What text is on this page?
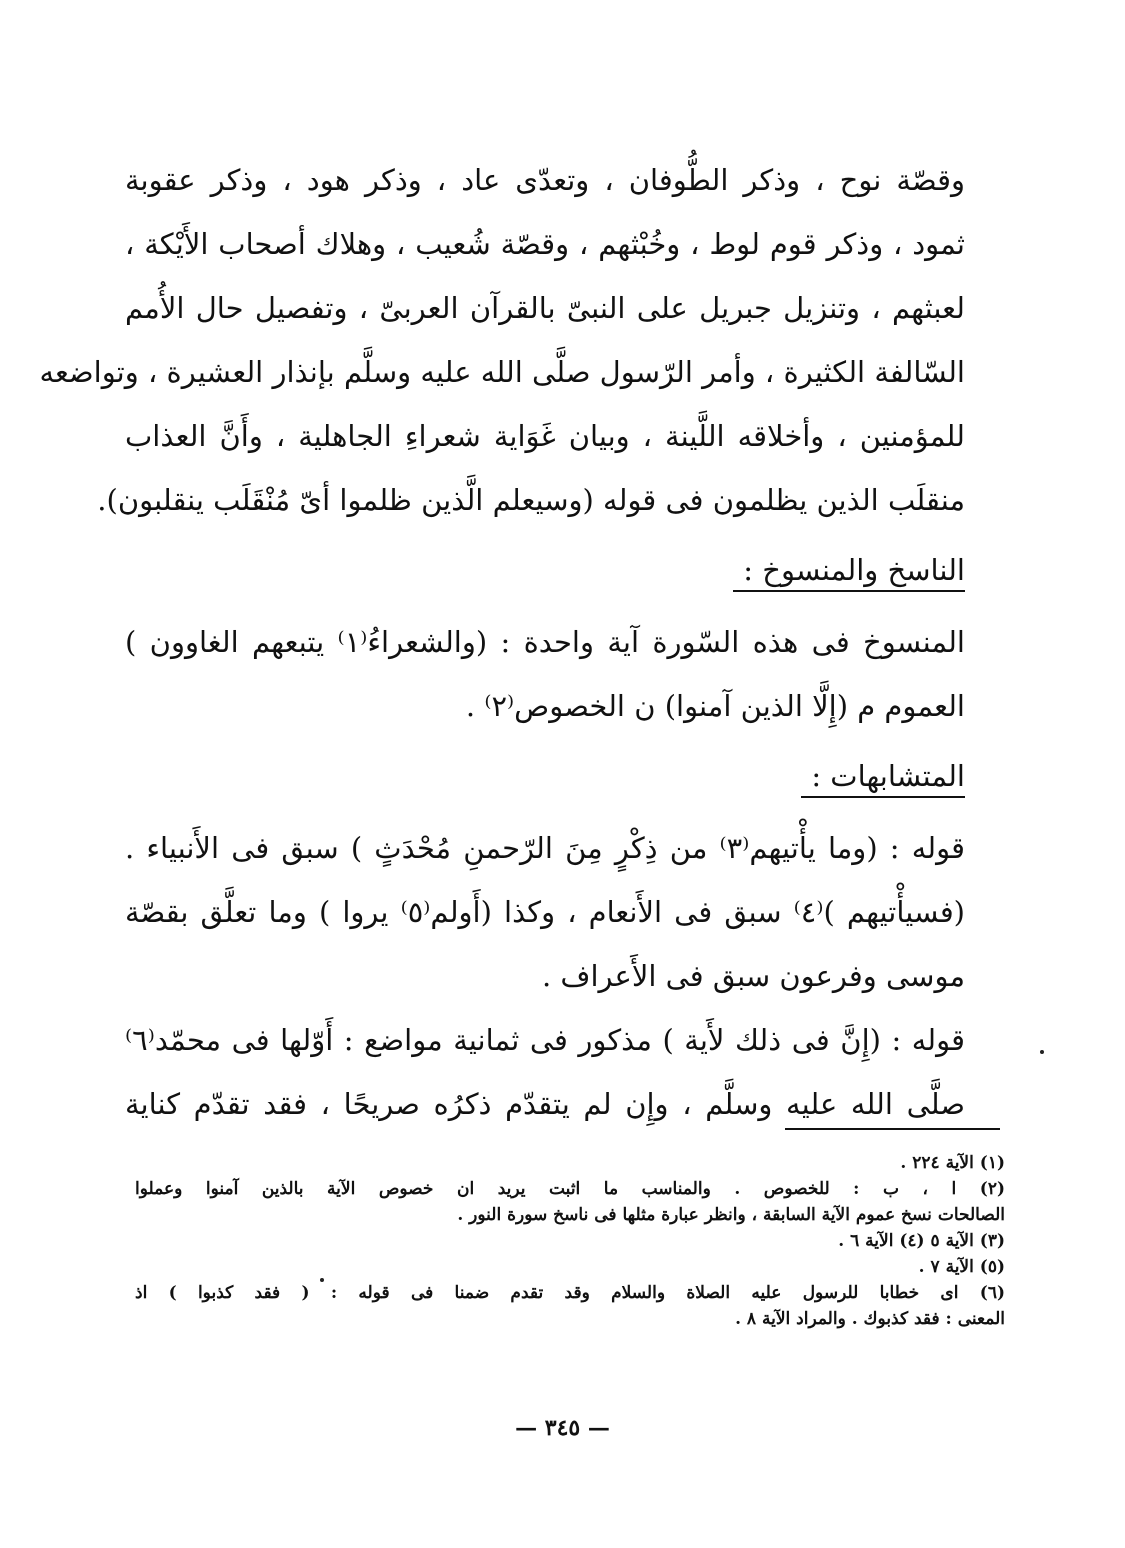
وقصّة نوح ، وذكر الطُّوفان ، وتعدّى عاد ، وذكر هود ، وذكر عقوبة
ثمود ، وذكر قوم لوط ، وخُبْثهم ، وقصّة شُعيب ، وهلاك أصحاب الأَيْكة ،
لعبثهم ، وتنزيل جبريل على النبىّ بالقرآن العربىّ ، وتفصيل حال الأُمم
السّالفة الكثيرة ، وأمر الرّسول صلَّى الله عليه وسلَّم بإنذار العشيرة ، وتواضعه
للمؤمنين ، وأخلاقه اللَّينة ، وبيان غَوَاية شعراءِ الجاهلية ، وأَنَّ العذاب
منقلَب الذين يظلمون فى قوله (وسيعلم الَّذين ظلموا أىّ مُنْقَلَب ينقلبون).
الناسخ والمنسوخ :
المنسوخ فى هذه السّورة آية واحدة : (والشعراءُ⁽١⁾ يتبعهم الغاوون )
العموم م (إِلَّا الذين آمنوا) ن الخصوص⁽٢⁾ .
المتشابهات :
قوله : (وما يأْتيهم⁽٣⁾ من ذِكْرٍ مِنَ الرّحمنِ مُحْدَثٍ ) سبق فى الأَنبياء .
(فسيأْتيهم )⁽٤⁾ سبق فى الأَنعام ، وكذا (أَولم⁽٥⁾ يروا ) وما تعلَّق بقصّة
موسى وفرعون سبق فى الأَعراف .
قوله : (إِنَّ فى ذلك لأَية ) مذكور فى ثمانية مواضع : أَوّلها فى محمّد⁽٦⁾
صلَّى الله عليه وسلَّم ، وإِن لم يتقدّم ذكرُه صريحًا ، فقد تقدّم كناية
(١) الآية ٢٢٤ .
(٢) ا ، ب : للخصوص . والمناسب ما اثبت يريد ان خصوص الآية بالذين آمنوا وعملوا
الصالحات نسخ عموم الآية السابقة ، وانظر عبارة مثلها فى ناسخ سورة النور .
(٣) الآية ٥ (٤) الآية ٦ .
(٥) الآية ٧ .
(٦) اى خطابا للرسول عليه الصلاة والسلام وقد تقدم ضمنا فى قوله : ( فقد كذبوا ) اذ
المعنى : فقد كذبوك . والمراد الآية ٨ .
— ٣٤٥ —
